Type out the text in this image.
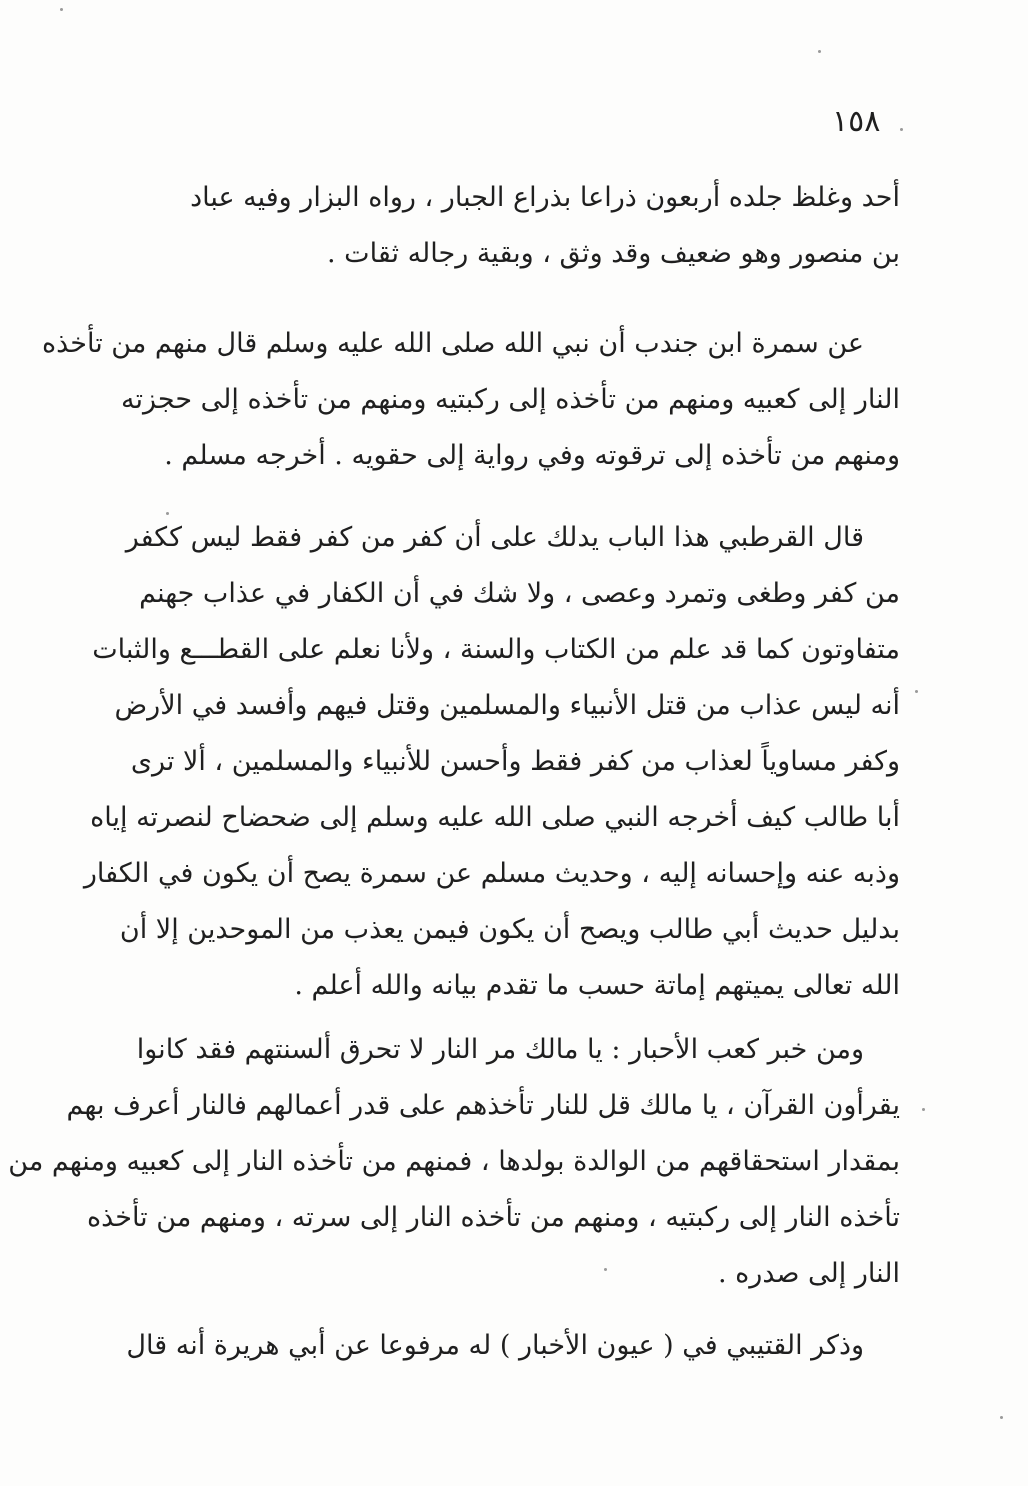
١٥٨
أحد وغلظ جلده أربعون ذراعا بذراع الجبار ، رواه البزار وفيه عباد
بن منصور وهو ضعيف وقد وثق ، وبقية رجاله ثقات .
عن سمرة ابن جندب أن نبي الله صلى الله عليه وسلم قال منهم من تأخذه
النار إلى كعبيه ومنهم من تأخذه إلى ركبتيه ومنهم من تأخذه إلى حجزته
ومنهم من تأخذه إلى ترقوته وفي رواية إلى حقويه . أخرجه مسلم .
قال القرطبي هذا الباب يدلك على أن كفر من كفر فقط ليس ككفر
من كفر وطغى وتمرد وعصى ، ولا شك في أن الكفار في عذاب جهنم
متفاوتون كما قد علم من الكتاب والسنة ، ولأنا نعلم على القطـــع والثبات
أنه ليس عذاب من قتل الأنبياء والمسلمين وقتل فيهم وأفسد في الأرض
وكفر مساوياً لعذاب من كفر فقط وأحسن للأنبياء والمسلمين ، ألا ترى
أبا طالب كيف أخرجه النبي صلى الله عليه وسلم إلى ضحضاح لنصرته إياه
وذبه عنه وإحسانه إليه ، وحديث مسلم عن سمرة يصح أن يكون في الكفار
بدليل حديث أبي طالب ويصح أن يكون فيمن يعذب من الموحدين إلا أن
الله تعالى يميتهم إماتة حسب ما تقدم بيانه والله أعلم .
ومن خبر كعب الأحبار : يا مالك مر النار لا تحرق ألسنتهم فقد كانوا
يقرأون القرآن ، يا مالك قل للنار تأخذهم على قدر أعمالهم فالنار أعرف بهم
بمقدار استحقاقهم من الوالدة بولدها ، فمنهم من تأخذه النار إلى كعبيه ومنهم من
تأخذه النار إلى ركبتيه ، ومنهم من تأخذه النار إلى سرته ، ومنهم من تأخذه
النار إلى صدره .
وذكر القتيبي في ( عيون الأخبار ) له مرفوعا عن أبي هريرة أنه قال
